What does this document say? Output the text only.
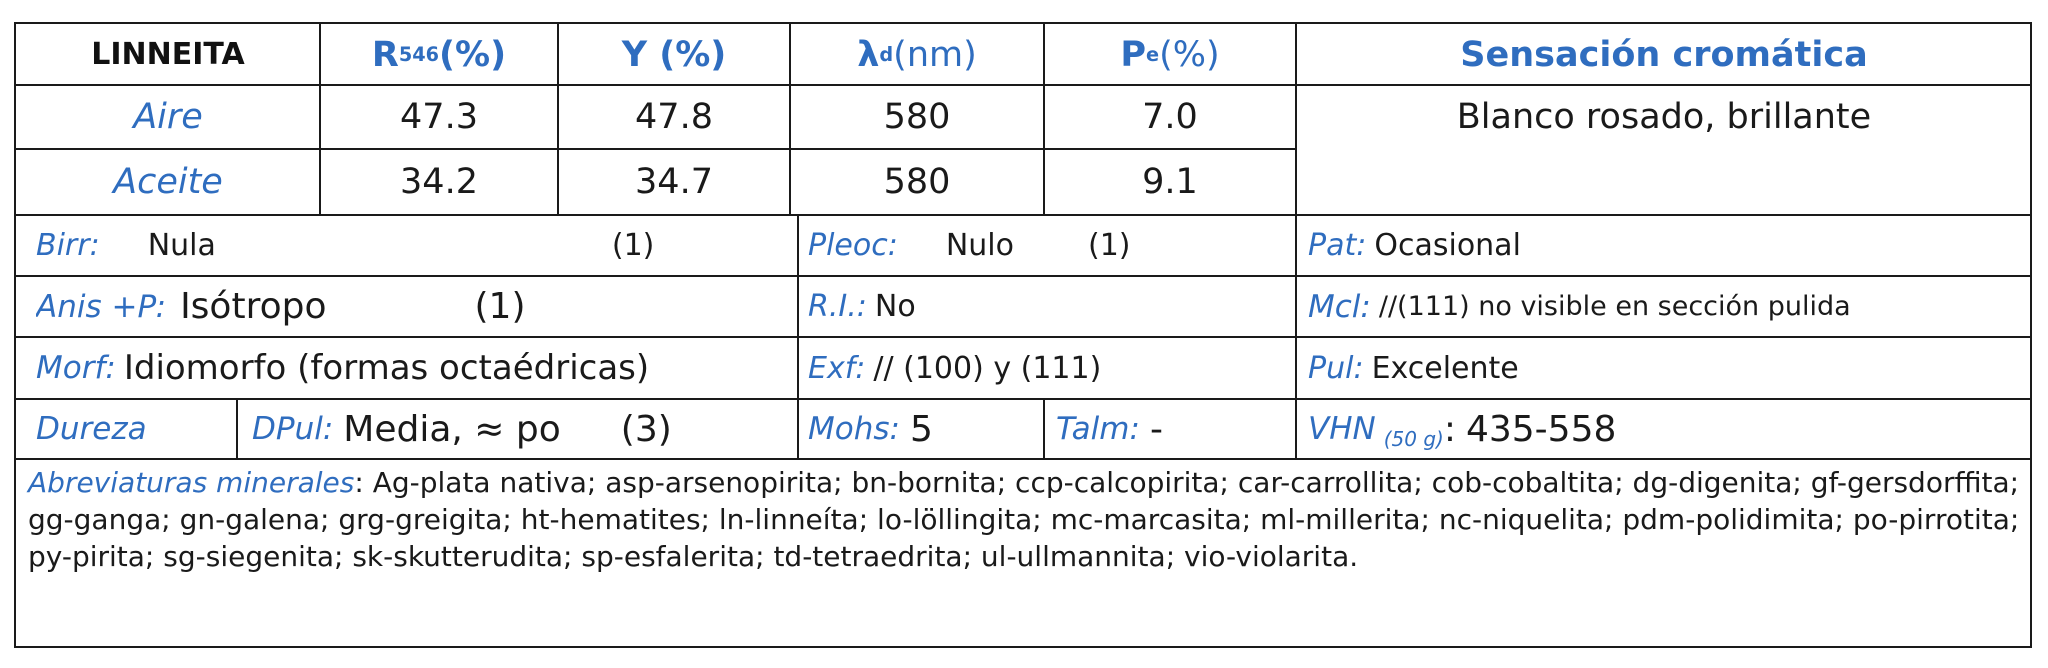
LINNEITA	R 546 (%)	Y (%)	λ d (nm)	P e (%)	Sensación cromática
Aire	47.3	47.8	580	7.0	Blanco rosado, brillante
Aceite	34.2	34.7	580	9.1
Birr: Nula	(1)	Pleoc: Nulo (1)	Pat: Ocasional
Anis +P: Isótropo	(1)	R.I.: No	Mcl: //(111) no visible en sección pulida
Morf: Idiomorfo (formas octaédricas)	Exf: // (100) y (111)	Pul: Excelente
Dureza	DPul: Media, ≈ po (3)	Mohs: 5	Talm: -	VHN (50 g) : 435-558
Abreviaturas minerales: Ag-plata nativa; asp-arsenopirita; bn-bornita; ccp-calcopirita; car-carrollita; cob-cobaltita; dg-digenita; gf-gersdorffita; gg-ganga; gn-galena; grg-greigita; ht-hematites; ln-linneíta; lo-löllingita; mc-marcasita; ml-millerita; nc-niquelita; pdm-polidimita; po-pirrotita; py-pirita; sg-siegenita; sk-skutterudita; sp-esfalerita; td-tetraedrita; ul-ullmannita; vio-violarita.
